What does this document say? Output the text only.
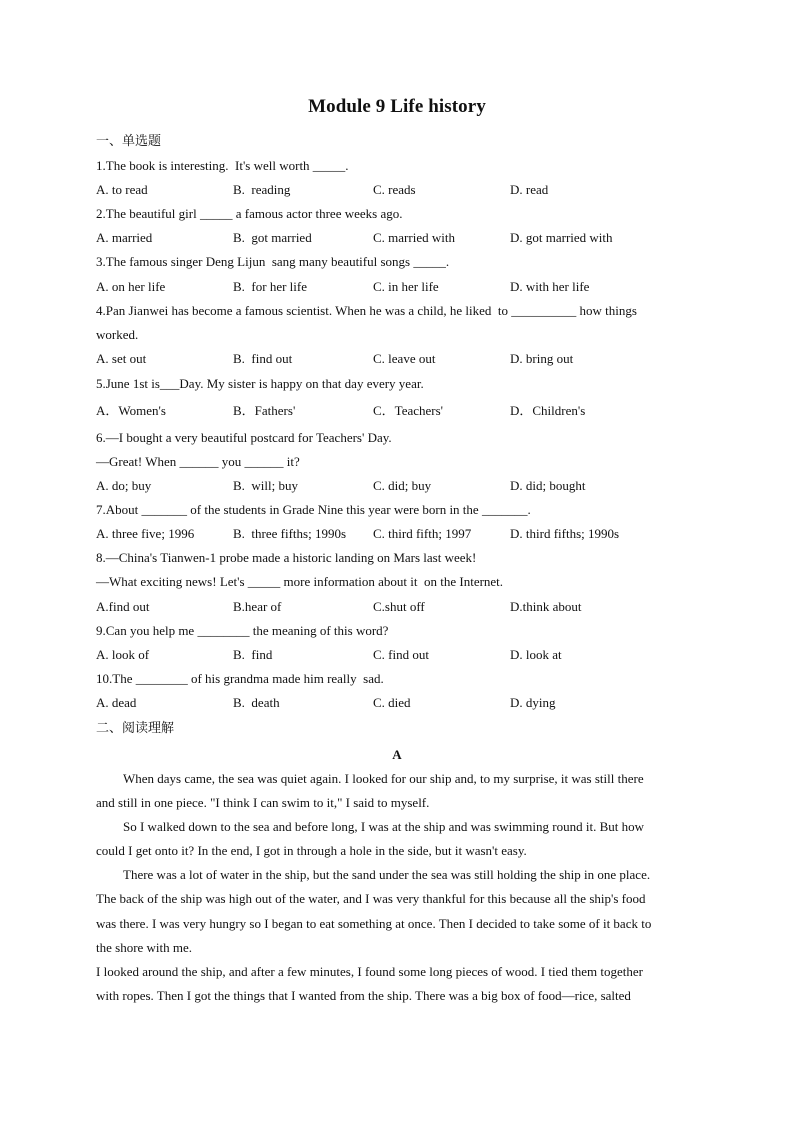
Module 9 Life history
一、单选题
1.The book is interesting.  It's well worth _____.
A. to read	B.  reading	C. reads	D. read
2.The beautiful girl _____ a famous actor three weeks ago.
A. married	B.  got married	C. married with	D. got married with
3.The famous singer Deng Lijun  sang many beautiful songs _____.
A. on her life	B.  for her life	C. in her life	D. with her life
4.Pan Jianwei has become a famous scientist. When he was a child, he liked  to __________ how things
worked.
A. set out	B.  find out	C. leave out	D. bring out
5.June 1st is___Day. My sister is happy on that day every year.
A．Women's	B．Fathers'	C．Teachers'	D．Children's
6.—I bought a very beautiful postcard for Teachers' Day.
—Great! When ______ you ______ it?
A. do; buy	B.  will; buy	C. did; buy	D. did; bought
7.About _______ of the students in Grade Nine this year were born in the _______.
A. three five; 1996	B.  three fifths; 1990s C. third fifth; 1997	D. third fifths; 1990s
8.—China's Tianwen-1 probe made a historic landing on Mars last week!
—What exciting news! Let's _____ more information about it  on the Internet.
A.find out	B.hear of	C.shut off	D.think about
9.Can you help me ________ the meaning of this word?
A. look of	B.  find	C. find out	D. look at
10.The ________ of his grandma made him really  sad.
A. dead	B.  death	C. died	D. dying
二、阅读理解
A
When days came, the sea was quiet again. I looked for our ship and, to my surprise, it was still there
and still in one piece. "I think I can swim to it," I said to myself.
So I walked down to the sea and before long, I was at the ship and was swimming round it. But how
could I get onto it? In the end, I got in through a hole in the side, but it wasn't easy.
There was a lot of water in the ship, but the sand under the sea was still holding the ship in one place.
The back of the ship was high out of the water, and I was very thankful for this because all the ship's food
was there. I was very hungry so I began to eat something at once. Then I decided to take some of it back to
the shore with me.
I looked around the ship, and after a few minutes, I found some long pieces of wood. I tied them together
with ropes. Then I got the things that I wanted from the ship. There was a big box of food—rice, salted
